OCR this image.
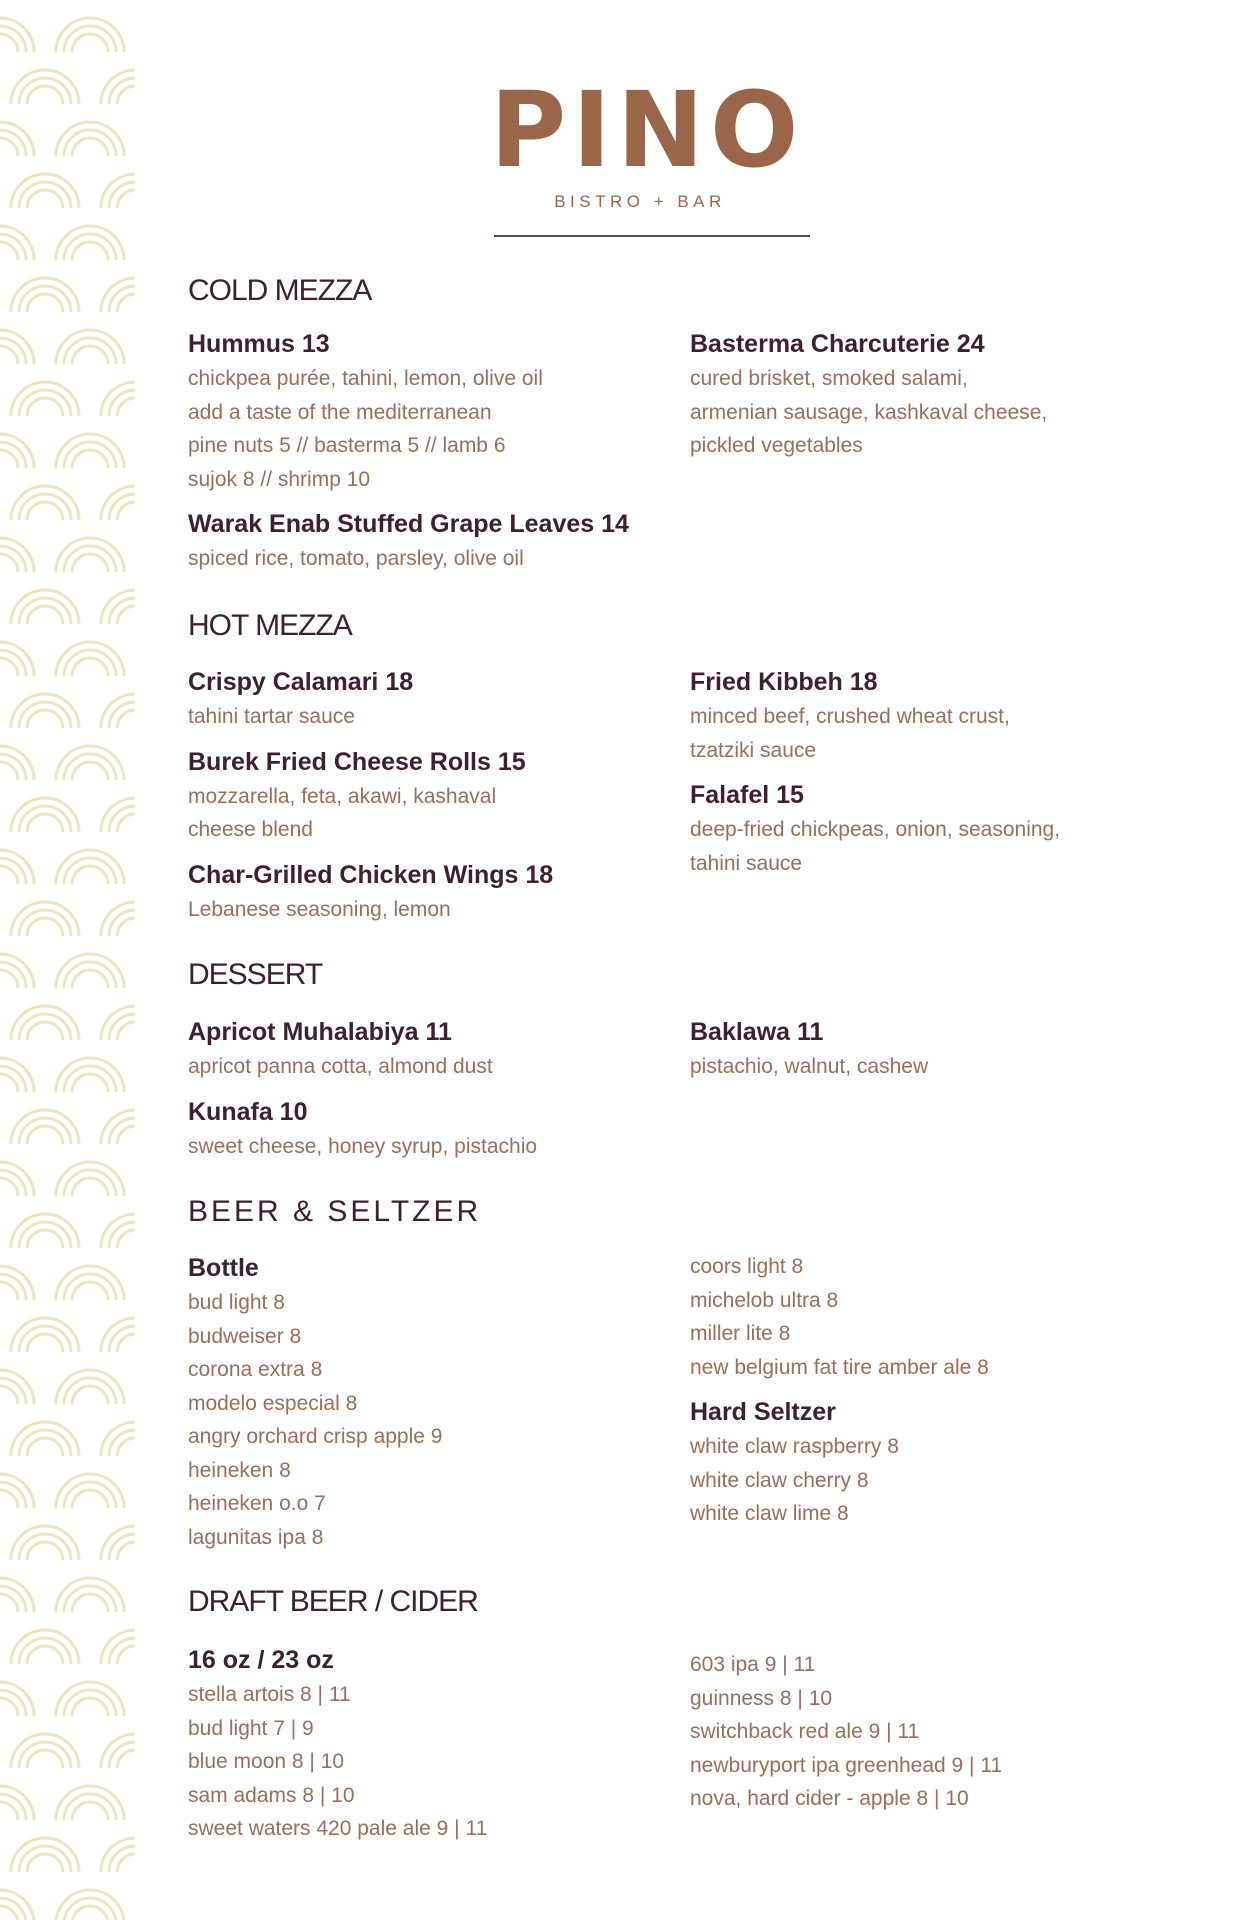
PINO
BISTRO + BAR
COLD MEZZA
Hummus 13
chickpea purée, tahini, lemon, olive oil
add a taste of the mediterranean
pine nuts 5 // basterma 5 // lamb 6
sujok 8 // shrimp 10
Warak Enab Stuffed Grape Leaves 14
spiced rice, tomato, parsley, olive oil
Basterma Charcuterie 24
cured brisket, smoked salami,
armenian sausage, kashkaval cheese,
pickled vegetables
HOT MEZZA
Crispy Calamari 18
tahini tartar sauce
Burek Fried Cheese Rolls 15
mozzarella, feta, akawi, kashaval
cheese blend
Char-Grilled Chicken Wings 18
Lebanese seasoning, lemon
Fried Kibbeh 18
minced beef, crushed wheat crust,
tzatziki sauce
Falafel 15
deep-fried chickpeas, onion, seasoning,
tahini sauce
DESSERT
Apricot Muhalabiya 11
apricot panna cotta, almond dust
Kunafa 10
sweet cheese, honey syrup, pistachio
Baklawa 11
pistachio, walnut, cashew
BEER & SELTZER
Bottle
bud light 8
budweiser 8
corona extra 8
modelo especial 8
angry orchard crisp apple 9
heineken 8
heineken o.o 7
lagunitas ipa 8
coors light 8
michelob ultra 8
miller lite 8
new belgium fat tire amber ale 8
Hard Seltzer
white claw raspberry 8
white claw cherry 8
white claw lime 8
DRAFT BEER / CIDER
16 oz / 23 oz
stella artois 8 | 11
bud light 7 | 9
blue moon 8 | 10
sam adams 8 | 10
sweet waters 420 pale ale 9 | 11
603 ipa 9 | 11
guinness 8 | 10
switchback red ale 9 | 11
newburyport ipa greenhead 9 | 11
nova, hard cider - apple 8 | 10
